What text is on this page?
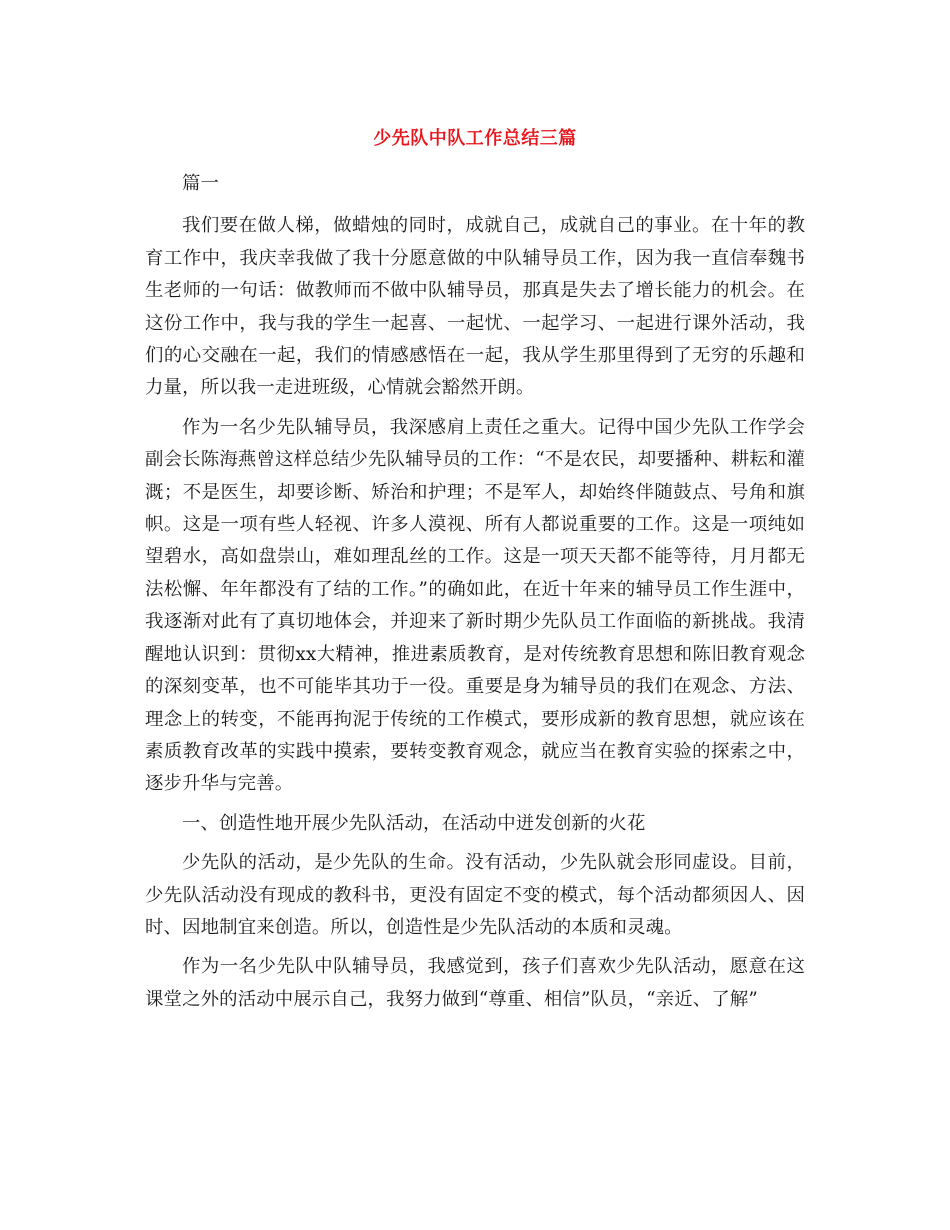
少先队中队工作总结三篇

篇一

我们要在做人梯，做蜡烛的同时，成就自己，成就自己的事业。在十年的教育工作中，我庆幸我做了我十分愿意做的中队辅导员工作，因为我一直信奉魏书生老师的一句话：做教师而不做中队辅导员，那真是失去了增长能力的机会。在这份工作中，我与我的学生一起喜、一起忧、一起学习、一起进行课外活动，我们的心交融在一起，我们的情感感悟在一起，我从学生那里得到了无穷的乐趣和力量，所以我一走进班级，心情就会豁然开朗。

作为一名少先队辅导员，我深感肩上责任之重大。记得中国少先队工作学会副会长陈海燕曾这样总结少先队辅导员的工作：“不是农民，却要播种、耕耘和灌溉；不是医生，却要诊断、矫治和护理；不是军人，却始终伴随鼓点、号角和旗帜。这是一项有些人轻视、许多人漠视、所有人都说重要的工作。这是一项纯如望碧水，高如盘崇山，难如理乱丝的工作。这是一项天天都不能等待，月月都无法松懈、年年都没有了结的工作。”的确如此，在近十年来的辅导员工作生涯中，我逐渐对此有了真切地体会，并迎来了新时期少先队员工作面临的新挑战。我清醒地认识到：贯彻xx大精神，推进素质教育，是对传统教育思想和陈旧教育观念的深刻变革，也不可能毕其功于一役。重要是身为辅导员的我们在观念、方法、理念上的转变，不能再拘泥于传统的工作模式，要形成新的教育思想，就应该在素质教育改革的实践中摸索，要转变教育观念，就应当在教育实验的探索之中，逐步升华与完善。

一、创造性地开展少先队活动，在活动中迸发创新的火花

少先队的活动，是少先队的生命。没有活动，少先队就会形同虚设。目前，少先队活动没有现成的教科书，更没有固定不变的模式，每个活动都须因人、因时、因地制宜来创造。所以，创造性是少先队活动的本质和灵魂。

作为一名少先队中队辅导员，我感觉到，孩子们喜欢少先队活动，愿意在这课堂之外的活动中展示自己，我努力做到“尊重、相信”队员，“亲近、了解”
